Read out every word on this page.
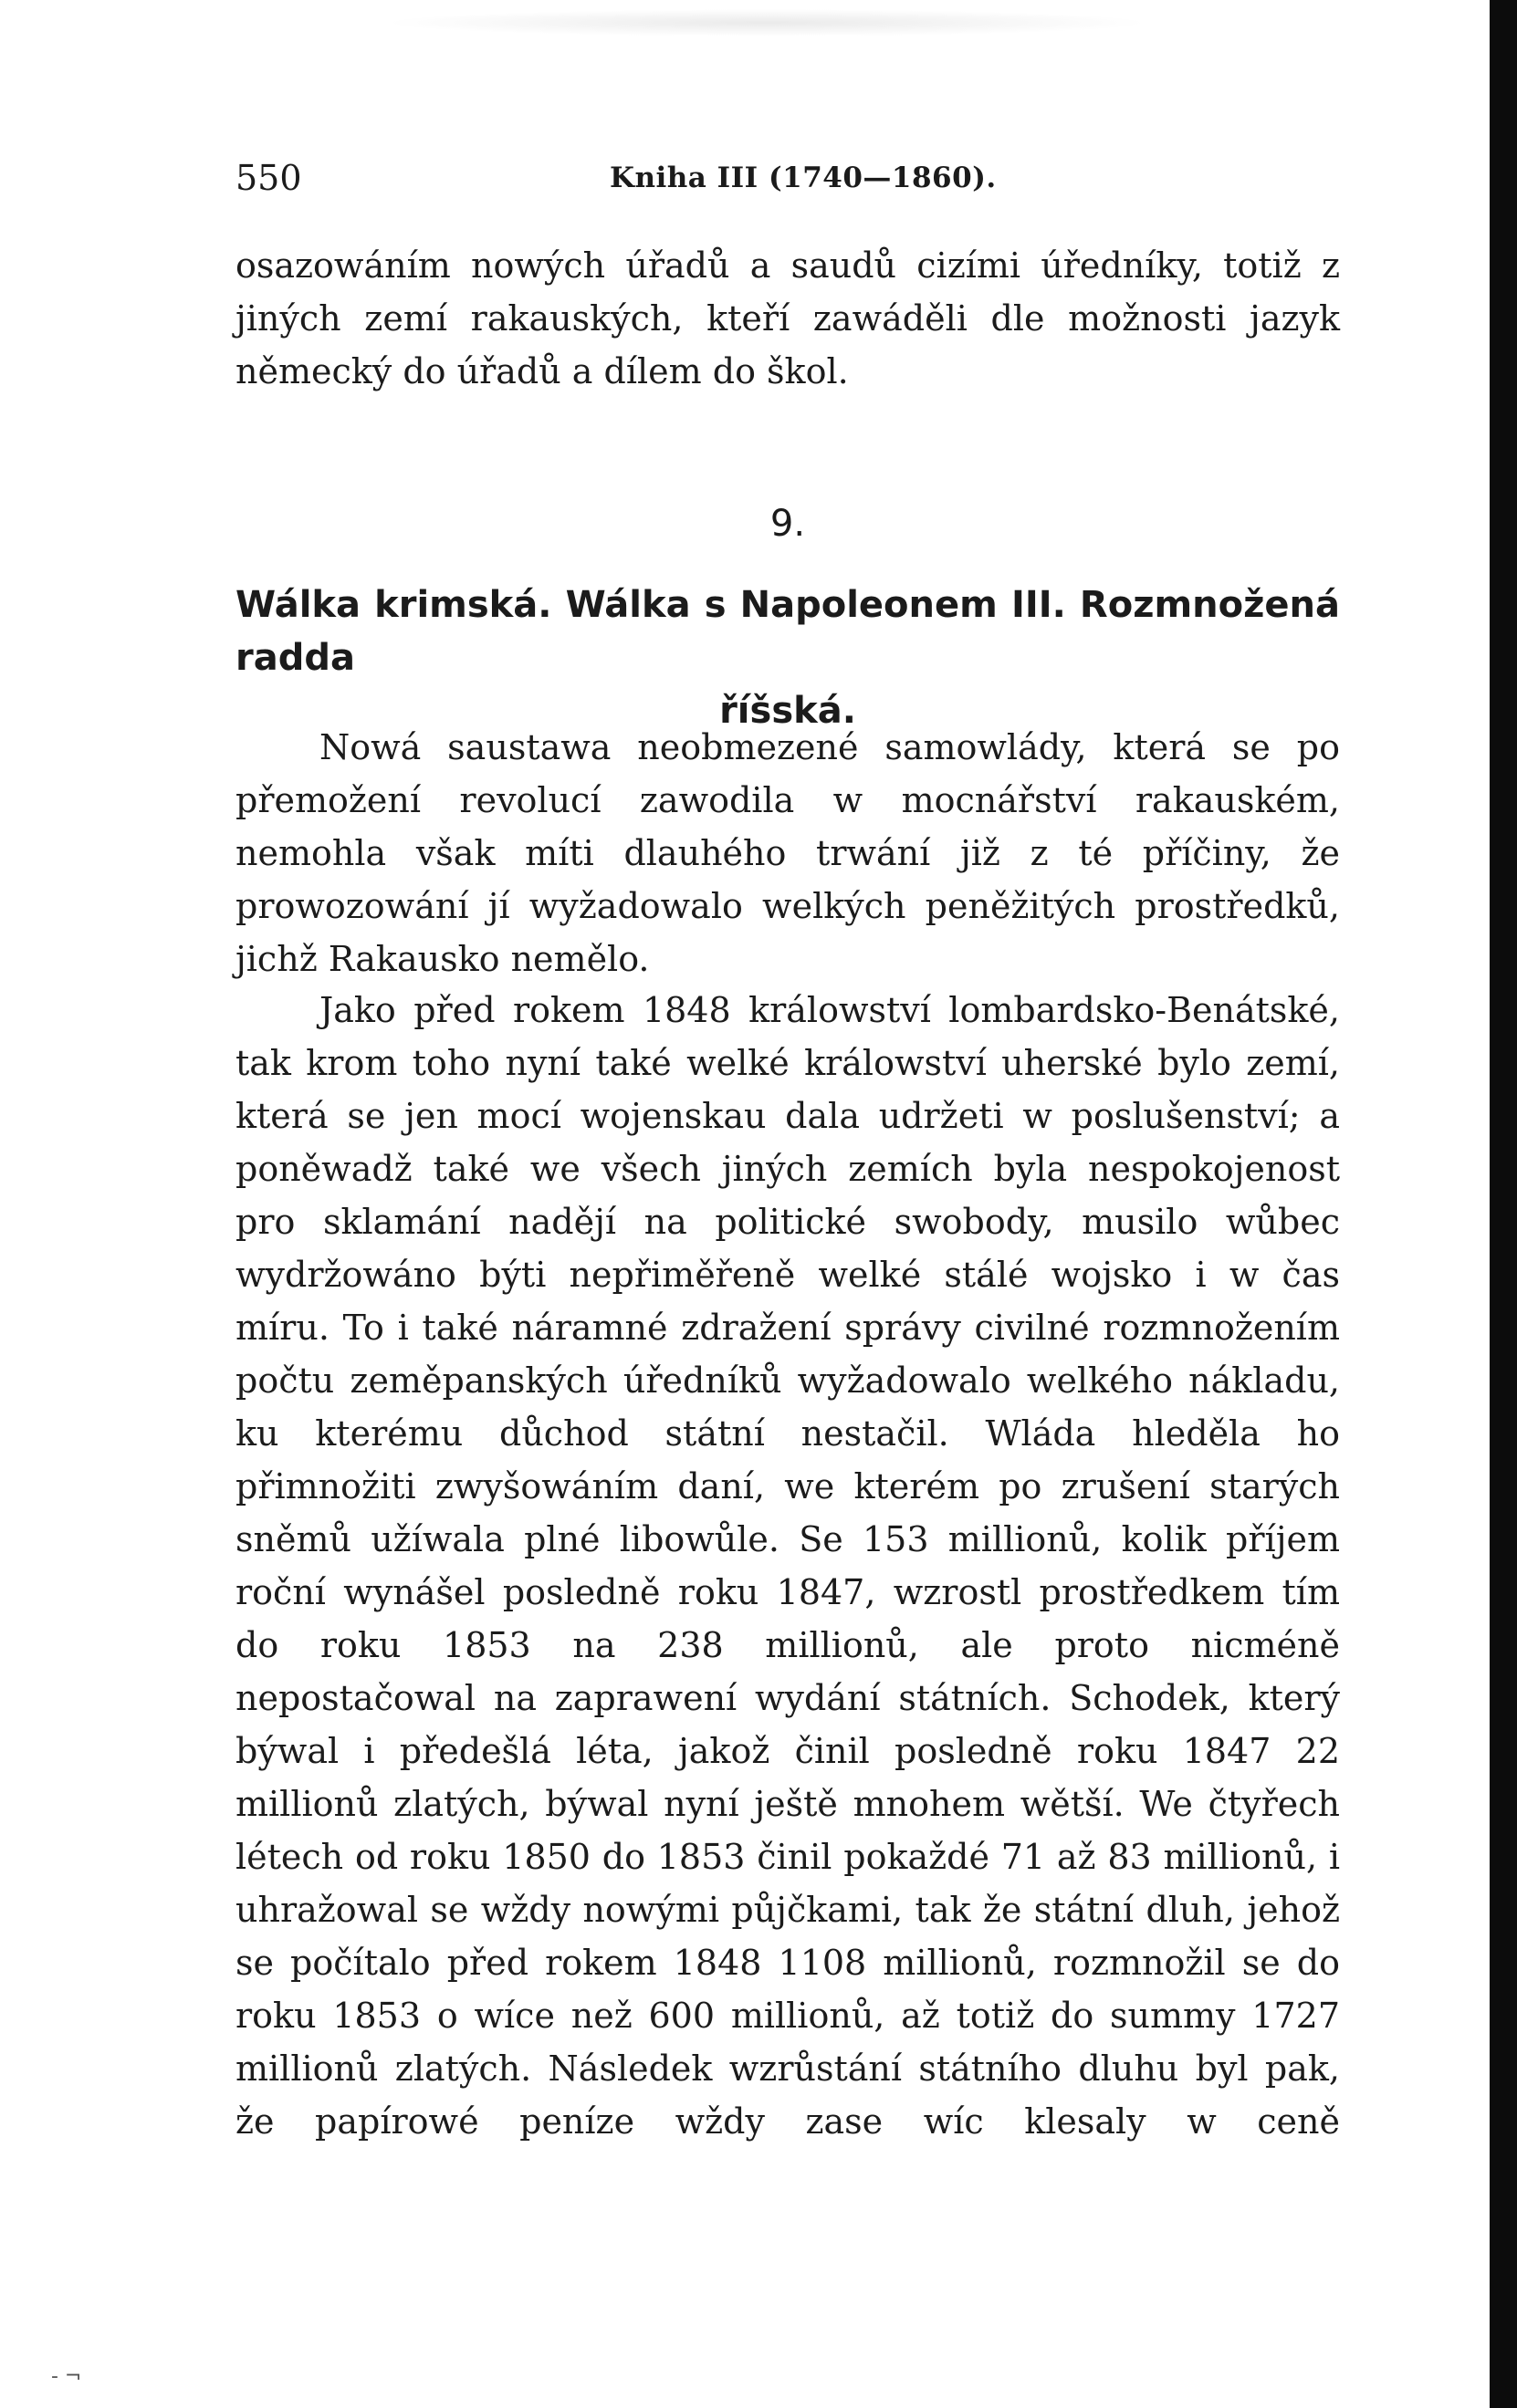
550	Kniha III (1740—1860).
osazowáním nowých úřadů a saudů cizími úředníky, totiž z jiných zemí rakauských, kteří zawáděli dle možnosti jazyk německý do úřadů a dílem do škol.
9.
Wálka krimská. Wálka s Napoleonem III. Rozmnožená radda
říšská.
Nowá saustawa neobmezené samowlády, která se po přemožení revolucí zawodila w mocnářství rakauském, nemohla však míti dlauhého trwání již z té příčiny, že prowozowání jí wyžadowalo welkých peněžitých prostředků, jichž Rakausko nemělo.
Jako před rokem 1848 králowství lombardsko-Benátské, tak krom toho nyní také welké králowství uherské bylo zemí, která se jen mocí wojenskau dala udržeti w poslušenství; a poněwadž také we všech jiných zemích byla nespokojenost pro sklamání nadějí na politické swobody, musilo wůbec wydržowáno býti nepřiměřeně welké stálé wojsko i w čas míru. To i také náramné zdražení správy civilné rozmnožením počtu zeměpanských úředníků wyžadowalo welkého nákladu, ku kterému důchod státní nestačil. Wláda hleděla ho přimnožiti zwyšowáním daní, we kterém po zrušení starých sněmů užíwala plné libowůle. Se 153 millionů, kolik příjem roční wynášel posledně roku 1847, wzrostl prostředkem tím do roku 1853 na 238 millionů, ale proto nicméně nepostačowal na zaprawení wydání státních. Schodek, který býwal i předešlá léta, jakož činil posledně roku 1847 22 millionů zlatých, býwal nyní ještě mnohem wětší. We čtyřech létech od roku 1850 do 1853 činil pokaždé 71 až 83 millionů, i uhražowal se wždy nowými půjčkami, tak že státní dluh, jehož se počítalo před rokem 1848 1108 millionů, rozmnožil se do roku 1853 o wíce než 600 millionů, až totiž do summy 1727 millionů zlatých. Následek wzrůstání státního dluhu byl pak, že papírowé peníze wždy zase wíc klesaly w ceně
- ¬
